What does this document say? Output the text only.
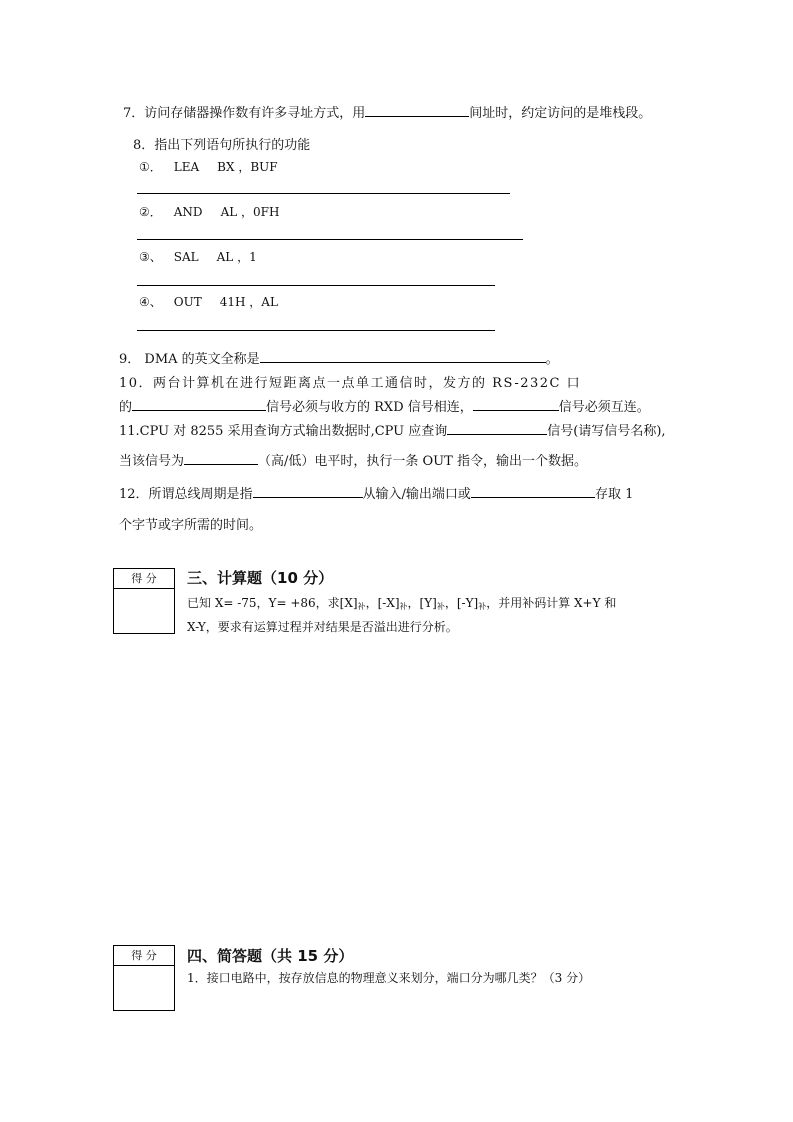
7．访问存储器操作数有许多寻址方式，用	间址时，约定访问的是堆栈段。
8．指出下列语句所执行的功能
①． LEA BX ，BUF
②． AND AL ，0FH
③、 SAL AL ，1
④、 OUT 41H ，AL
9． DMA 的英文全称是	。
10．两台计算机在进行短距离点一点单工通信时，发方的 RS-232C 口
的	信号必须与收方的 RXD 信号相连，	信号必须互连。
11.CPU 对 8255 采用查询方式输出数据时,CPU 应查询	信号(请写信号名称),
当该信号为	（高/低）电平时，执行一条 OUT 指令，输出一个数据。
12．所谓总线周期是指	从输入/输出端口或	存取 1
个字节或字所需的时间。
得 分	三、计算题（10 分）
已知 X= -75，Y= +86，求$[X]_补$，$[-X]_补$，$[Y]_补$，$[-Y]_补$，并用补码计算 X+Y 和
X-Y，要求有运算过程并对结果是否溢出进行分析。
得 分	四、简答题（共 15 分）
1．接口电路中，按存放信息的物理意义来划分，端口分为哪几类？（3 分）
